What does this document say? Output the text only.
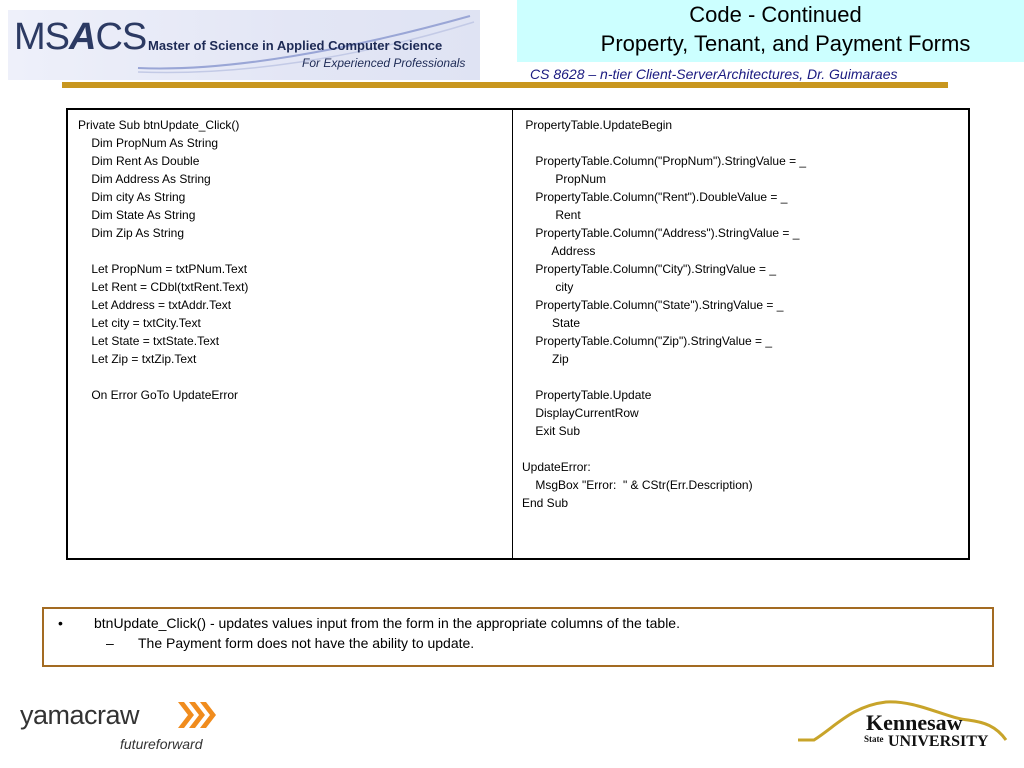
MSACS Master of Science in Applied Computer Science
For Experienced Professionals
Code - Continued
Property, Tenant, and Payment Forms
CS 8628 – n-tier Client-ServerArchitectures, Dr. Guimaraes
Private Sub btnUpdate_Click()
Dim PropNum As String
Dim Rent As Double
Dim Address As String
Dim city As String
Dim State As String
Dim Zip As String
Let PropNum = txtPNum.Text
Let Rent = CDbl(txtRent.Text)
Let Address = txtAddr.Text
Let city = txtCity.Text
Let State = txtState.Text
Let Zip = txtZip.Text
On Error GoTo UpdateError
PropertyTable.UpdateBegin
PropertyTable.Column("PropNum").StringValue = _
PropNum
PropertyTable.Column("Rent").DoubleValue = _
Rent
PropertyTable.Column("Address").StringValue = _
Address
PropertyTable.Column("City").StringValue = _
city
PropertyTable.Column("State").StringValue = _
State
PropertyTable.Column("Zip").StringValue = _
Zip
PropertyTable.Update
DisplayCurrentRow
Exit Sub
UpdateError:
MsgBox "Error:  " & CStr(Err.Description)
End Sub
• btnUpdate_Click() - updates values input from the form in the appropriate columns of the table.
– The Payment form does not have the ability to update.
yamacraw
futureforward
Kennesaw
State UNIVERSITY
